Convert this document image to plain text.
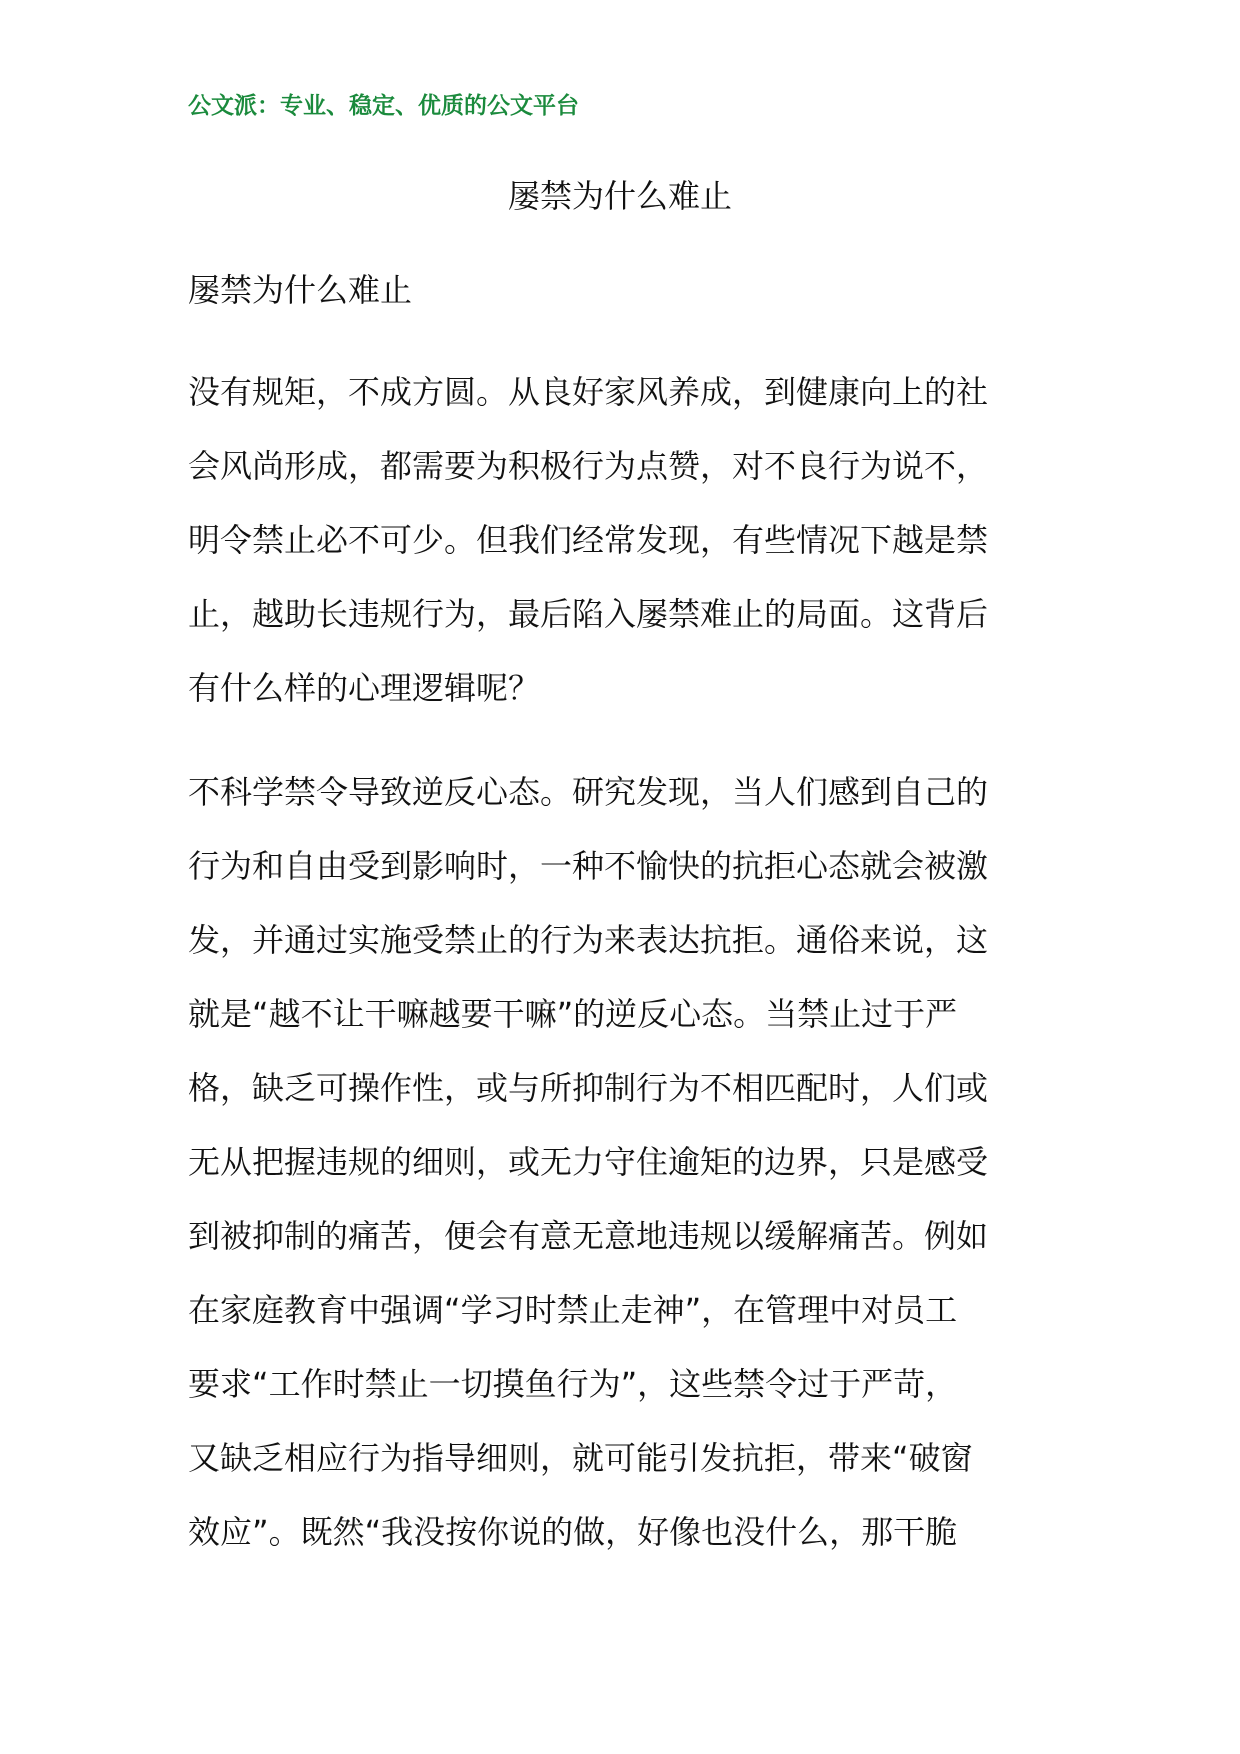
公文派：专业、稳定、优质的公文平台
屡禁为什么难止
屡禁为什么难止
没有规矩，不成方圆。从良好家风养成，到健康向上的社
会风尚形成，都需要为积极行为点赞，对不良行为说不，
明令禁止必不可少。但我们经常发现，有些情况下越是禁
止，越助长违规行为，最后陷入屡禁难止的局面。这背后
有什么样的心理逻辑呢？
不科学禁令导致逆反心态。研究发现，当人们感到自己的
行为和自由受到影响时，一种不愉快的抗拒心态就会被激
发，并通过实施受禁止的行为来表达抗拒。通俗来说，这
就是“越不让干嘛越要干嘛”的逆反心态。当禁止过于严
格，缺乏可操作性，或与所抑制行为不相匹配时，人们或
无从把握违规的细则，或无力守住逾矩的边界，只是感受
到被抑制的痛苦，便会有意无意地违规以缓解痛苦。例如
在家庭教育中强调“学习时禁止走神”，在管理中对员工
要求“工作时禁止一切摸鱼行为”，这些禁令过于严苛，
又缺乏相应行为指导细则，就可能引发抗拒，带来“破窗
效应”。既然“我没按你说的做，好像也没什么，那干脆
